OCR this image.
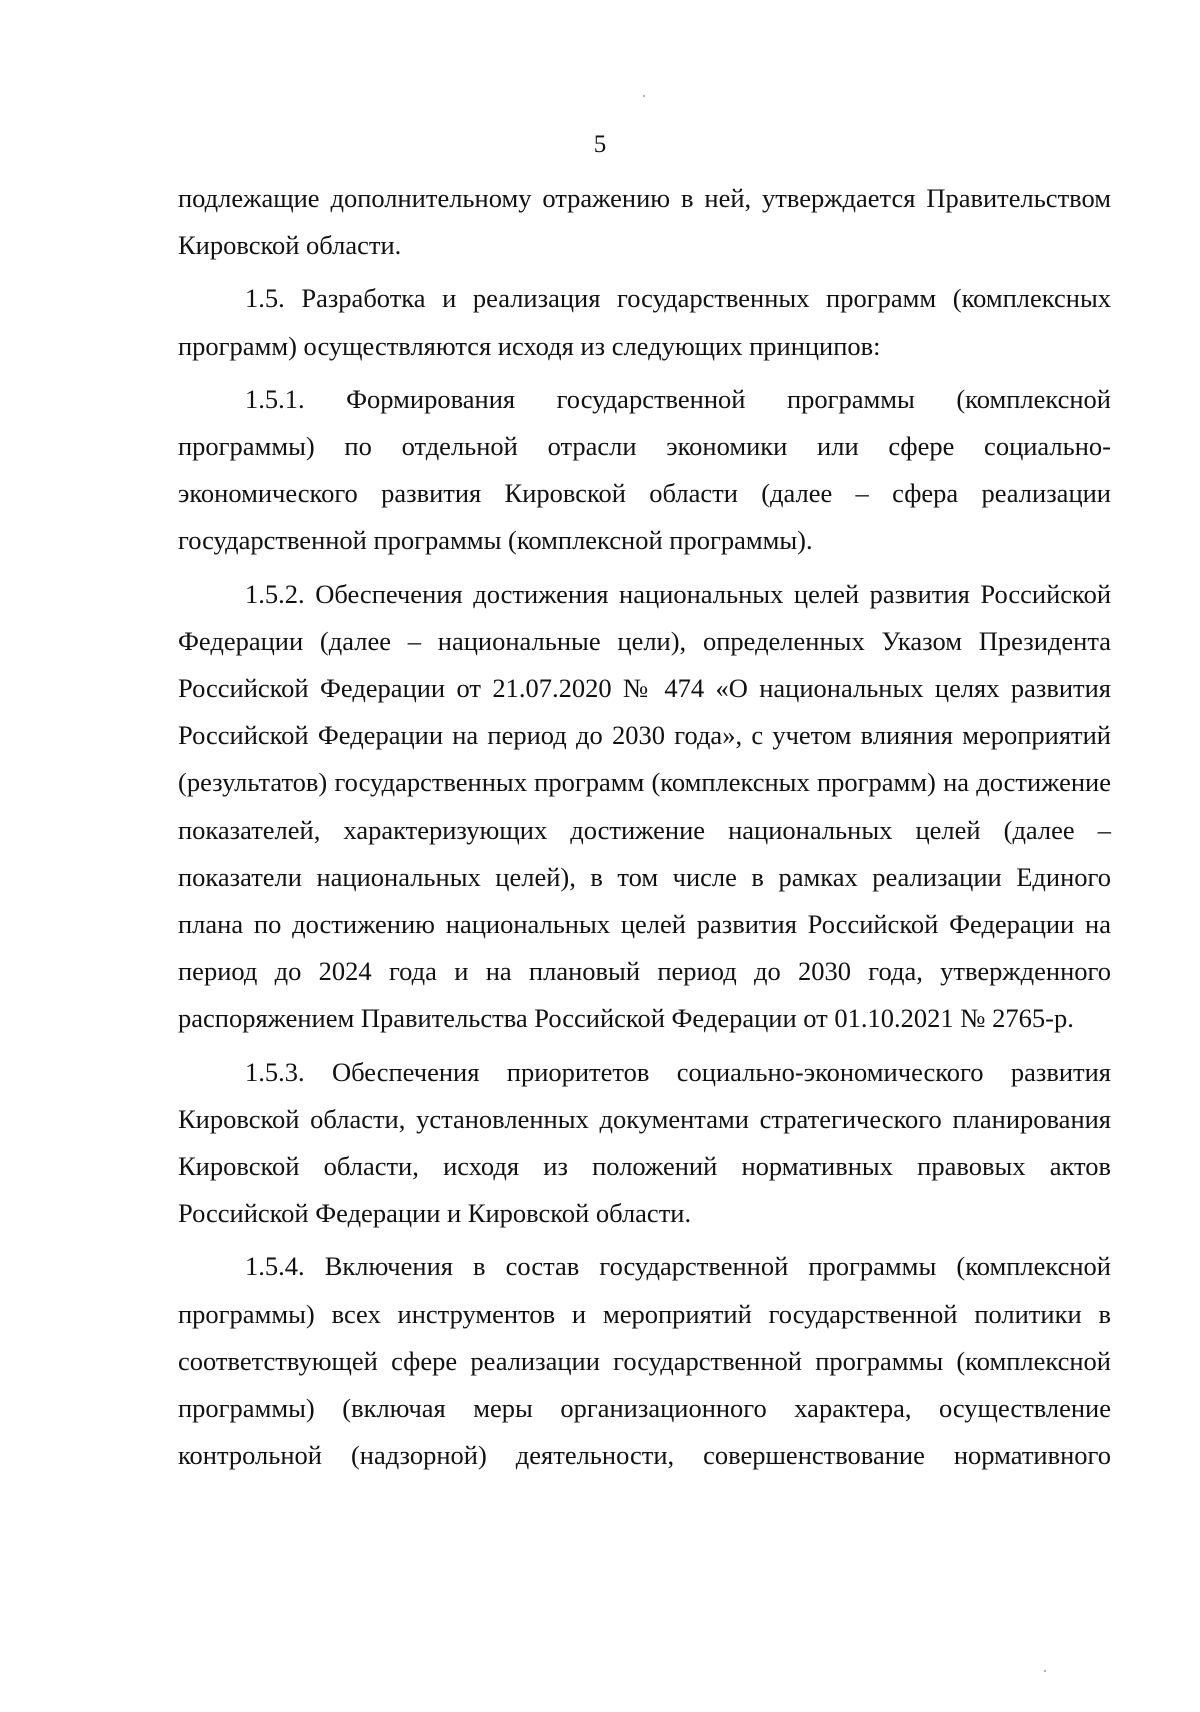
5

подлежащие дополнительному отражению в ней, утверждается Правительством Кировской области.

1.5. Разработка и реализация государственных программ (комплексных программ) осуществляются исходя из следующих принципов:

1.5.1. Формирования государственной программы (комплексной программы) по отдельной отрасли экономики или сфере социально-экономического развития Кировской области (далее – сфера реализации государственной программы (комплексной программы).

1.5.2. Обеспечения достижения национальных целей развития Российской Федерации (далее – национальные цели), определенных Указом Президента Российской Федерации от 21.07.2020 № 474 «О национальных целях развития Российской Федерации на период до 2030 года», с учетом влияния мероприятий (результатов) государственных программ (комплексных программ) на достижение показателей, характеризующих достижение национальных целей (далее – показатели национальных целей), в том числе в рамках реализации Единого плана по достижению национальных целей развития Российской Федерации на период до 2024 года и на плановый период до 2030 года, утвержденного распоряжением Правительства Российской Федерации от 01.10.2021 № 2765-р.

1.5.3. Обеспечения приоритетов социально-экономического развития Кировской области, установленных документами стратегического планирования Кировской области, исходя из положений нормативных правовых актов Российской Федерации и Кировской области.

1.5.4. Включения в состав государственной программы (комплексной программы) всех инструментов и мероприятий государственной политики в соответствующей сфере реализации государственной программы (комплексной программы) (включая меры организационного характера, осуществление контрольной (надзорной) деятельности, совершенствование нормативного
